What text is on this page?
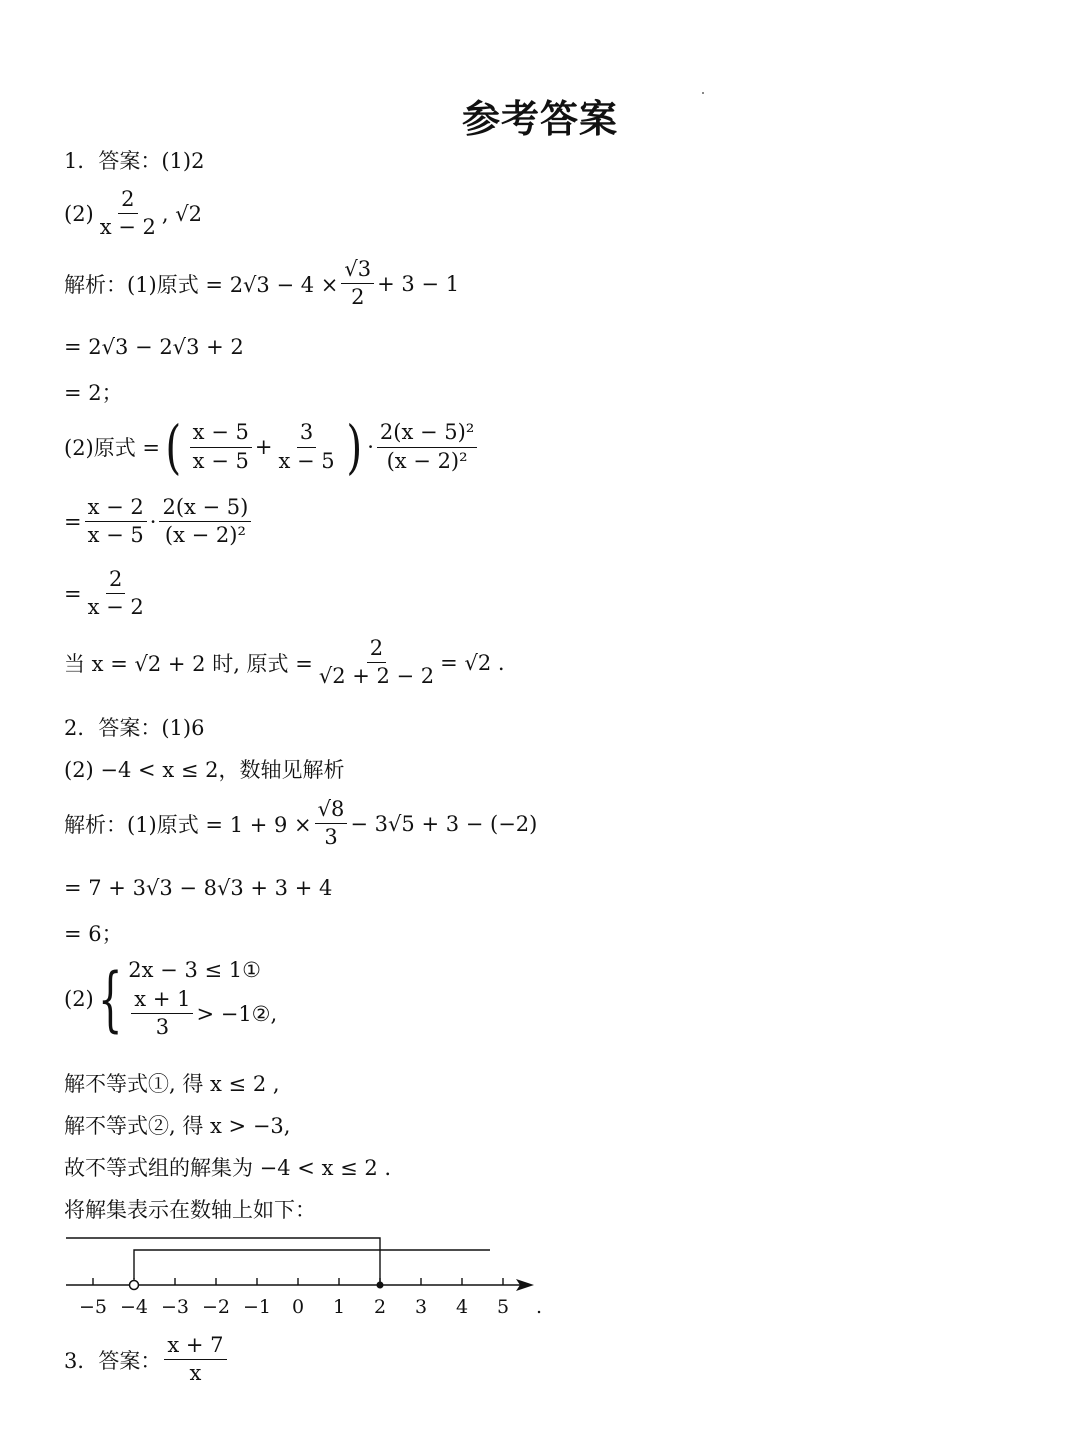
参考答案
1．答案：(1)2
$(2) \frac{2}{x - 2}$ , √2
解析：(1)原式 = $2√3 - 4 \times \frac{√3}{2} + 3 - 1$
= 2√3 − 2√3 + 2
= 2；
(2)原式 = ( $\frac{x - 5}{x - 5} + \frac{3}{x - 5}$ ) · $\frac{\text{2(x − 5)²}}{\text{(x − 2)²}}$
= $\frac{x - 2}{x - 5} \cdot \frac{2(x - 5)}{\text{(x − 2)²}}$
= $\frac{2}{x - 2}$
当 x = √2 + 2 时, 原式 = $\frac{2}{√2 + 2 - 2} = √2$ .
2．答案：(1)6
(2) −4 < x ≤ 2，数轴见解析
解析：(1)原式 = $1 + 9 \times \frac{√8}{3} - 3√5 + 3 - (-2)$
= 7 + 3√3 − 8√3 + 3 + 4
= 6；
(2) { 2x − 3 ≤ 1①
$\frac{x + 1}{3}$ > −1② ,
解不等式①, 得 x ≤ 2 ,
解不等式②, 得 x > −3,
故不等式组的解集为 −4 < x ≤ 2 .
将解集表示在数轴上如下：
−5 −4 −3 −2 −1 0 1 2 3 4 5 .
3．答案： $\frac{x + 7}{x}$
